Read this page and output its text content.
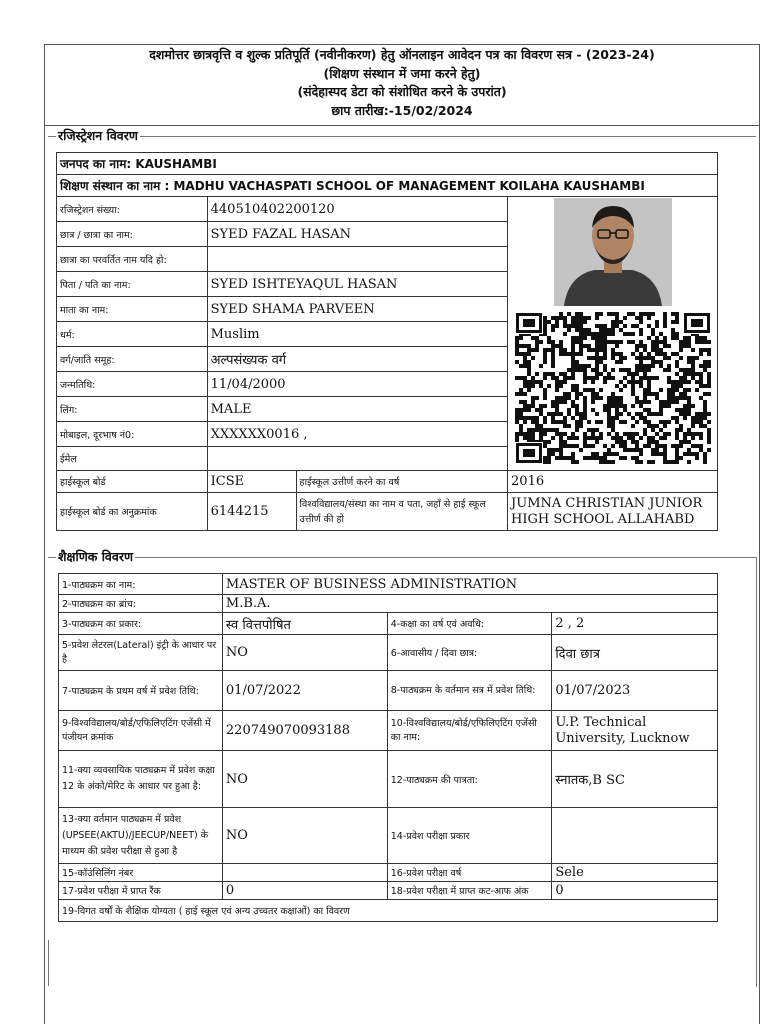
दशमोत्तर छात्रवृत्ति व शुल्क प्रतिपूर्ति (नवीनीकरण) हेतु ऑनलाइन आवेदन पत्र का विवरण सत्र - (2023-24)
(शिक्षण संस्थान में जमा करने हेतु)
(संदेहास्पद डेटा को संशोधित करने के उपरांत)
छाप तारीख:-15/02/2024
रजिस्ट्रेशन विवरण
जनपद का नाम: KAUSHAMBI			
शिक्षण संस्थान का नाम : MADHU VACHASPATI SCHOOL OF MANAGEMENT KOILAHA KAUSHAMBI			
रजिस्ट्रेशन संख्या:	440510402200120	

छात्र / छात्रा का नाम:	SYED FAZAL HASAN		
छात्रा का परवर्तित नाम यदि हो:			
पिता / पति का नाम:	SYED ISHTEYAQUL HASAN		
माता का नाम:	SYED SHAMA PARVEEN		
धर्म:	Muslim		
वर्ग/जाति समूह:	अल्पसंख्यक वर्ग		
जन्मतिथि:	11/04/2000		
लिंग:	MALE		
मोबाइल, दूरभाष नं0:	XXXXXX0016 ,		
ईमेल			
हाईस्कूल बोर्ड	ICSE	हाईस्कूल उत्तीर्ण करने का वर्ष	2016
हाईस्कूल बोर्ड का अनुक्रमांक	6144215	विश्वविद्यालय/संस्था का नाम व पता, जहाँ से हाई स्कूल उत्तीर्ण की हो	JUMNA CHRISTIAN JUNIOR HIGH SCHOOL ALLAHABD
शैक्षणिक विवरण
1-पाठ्यक्रम का नाम:	MASTER OF BUSINESS ADMINISTRATION		
2-पाठ्यक्रम का ब्रांच:	M.B.A.		
3-पाठ्यक्रम का प्रकार:	स्व वित्तपोषित	4-कक्षा का वर्ष एवं अवधि:	2 , 2
5-प्रवेश लेटरल(Lateral) इंट्री के आधार पर है	NO	6-आवासीय / दिवा छात्र:	दिवा छात्र
7-पाठ्यक्रम के प्रथम वर्ष में प्रवेश तिथि:	01/07/2022	8-पाठ्यक्रम के वर्तमान सत्र में प्रवेश तिथि:	01/07/2023
9-विश्वविद्यालय/बोर्ड/एफिलिएटिंग एजेंसी में पंजीयन क्रमांक	220749070093188	10-विश्वविद्यालय/बोर्ड/एफिलिएटिंग एजेंसी का नाम:	U.P. Technical University, Lucknow
11-क्या व्यवसायिक पाठ्यक्रम में प्रवेश कक्षा 12 के अंको/मेरिट के आधार पर हुआ है:	NO	12-पाठ्यक्रम की पात्रता:	स्नातक,B SC
13-क्या वर्तमान पाठ्यक्रम में प्रवेश (UPSEE(AKTU)/JEECUP/NEET) के माध्यम की प्रवेश परीक्षा से हुआ है	NO	14-प्रवेश परीक्षा प्रकार	
15-कॉउंसिलिंग नंबर		16-प्रवेश परीक्षा वर्ष	Sele
17-प्रवेश परीक्षा में प्राप्त रैंक	0	18-प्रवेश परीक्षा में प्राप्त कट-आफ अंक	0
19-विगत वर्षों के शैक्षिक योग्यता ( हाई स्कूल एवं अन्य उच्चतर कक्षाओं) का विवरण			
